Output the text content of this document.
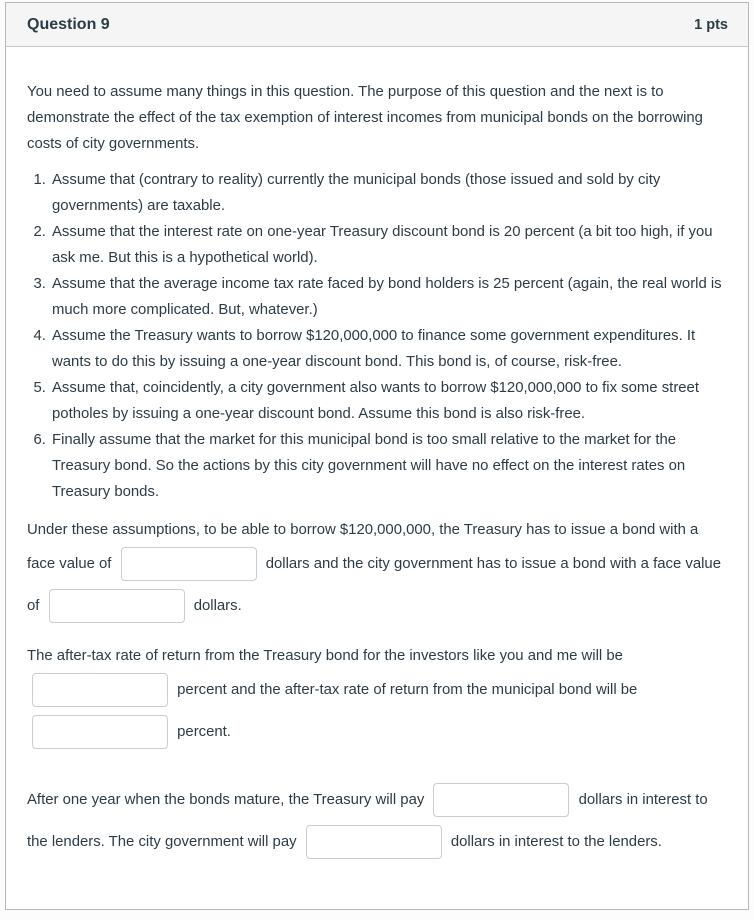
Question 9	1 pts

You need to assume many things in this question. The purpose of this question and the next is to demonstrate the effect of the tax exemption of interest incomes from municipal bonds on the borrowing costs of city governments.

1. Assume that (contrary to reality) currently the municipal bonds (those issued and sold by city governments) are taxable.
2. Assume that the interest rate on one-year Treasury discount bond is 20 percent (a bit too high, if you ask me. But this is a hypothetical world).
3. Assume that the average income tax rate faced by bond holders is 25 percent (again, the real world is much more complicated. But, whatever.)
4. Assume the Treasury wants to borrow $120,000,000 to finance some government expenditures. It wants to do this by issuing a one-year discount bond. This bond is, of course, risk-free.
5. Assume that, coincidently, a city government also wants to borrow $120,000,000 to fix some street potholes by issuing a one-year discount bond. Assume this bond is also risk-free.
6. Finally assume that the market for this municipal bond is too small relative to the market for the Treasury bond. So the actions by this city government will have no effect on the interest rates on Treasury bonds.

Under these assumptions, to be able to borrow $120,000,000, the Treasury has to issue a bond with a face value of	dollars and the city government has to issue a bond with a face value of	dollars.

The after-tax rate of return from the Treasury bond for the investors like you and me will be  percent and the after-tax rate of return from the municipal bond will be  percent.

After one year when the bonds mature, the Treasury will pay	dollars in interest to the lenders. The city government will pay	dollars in interest to the lenders.
